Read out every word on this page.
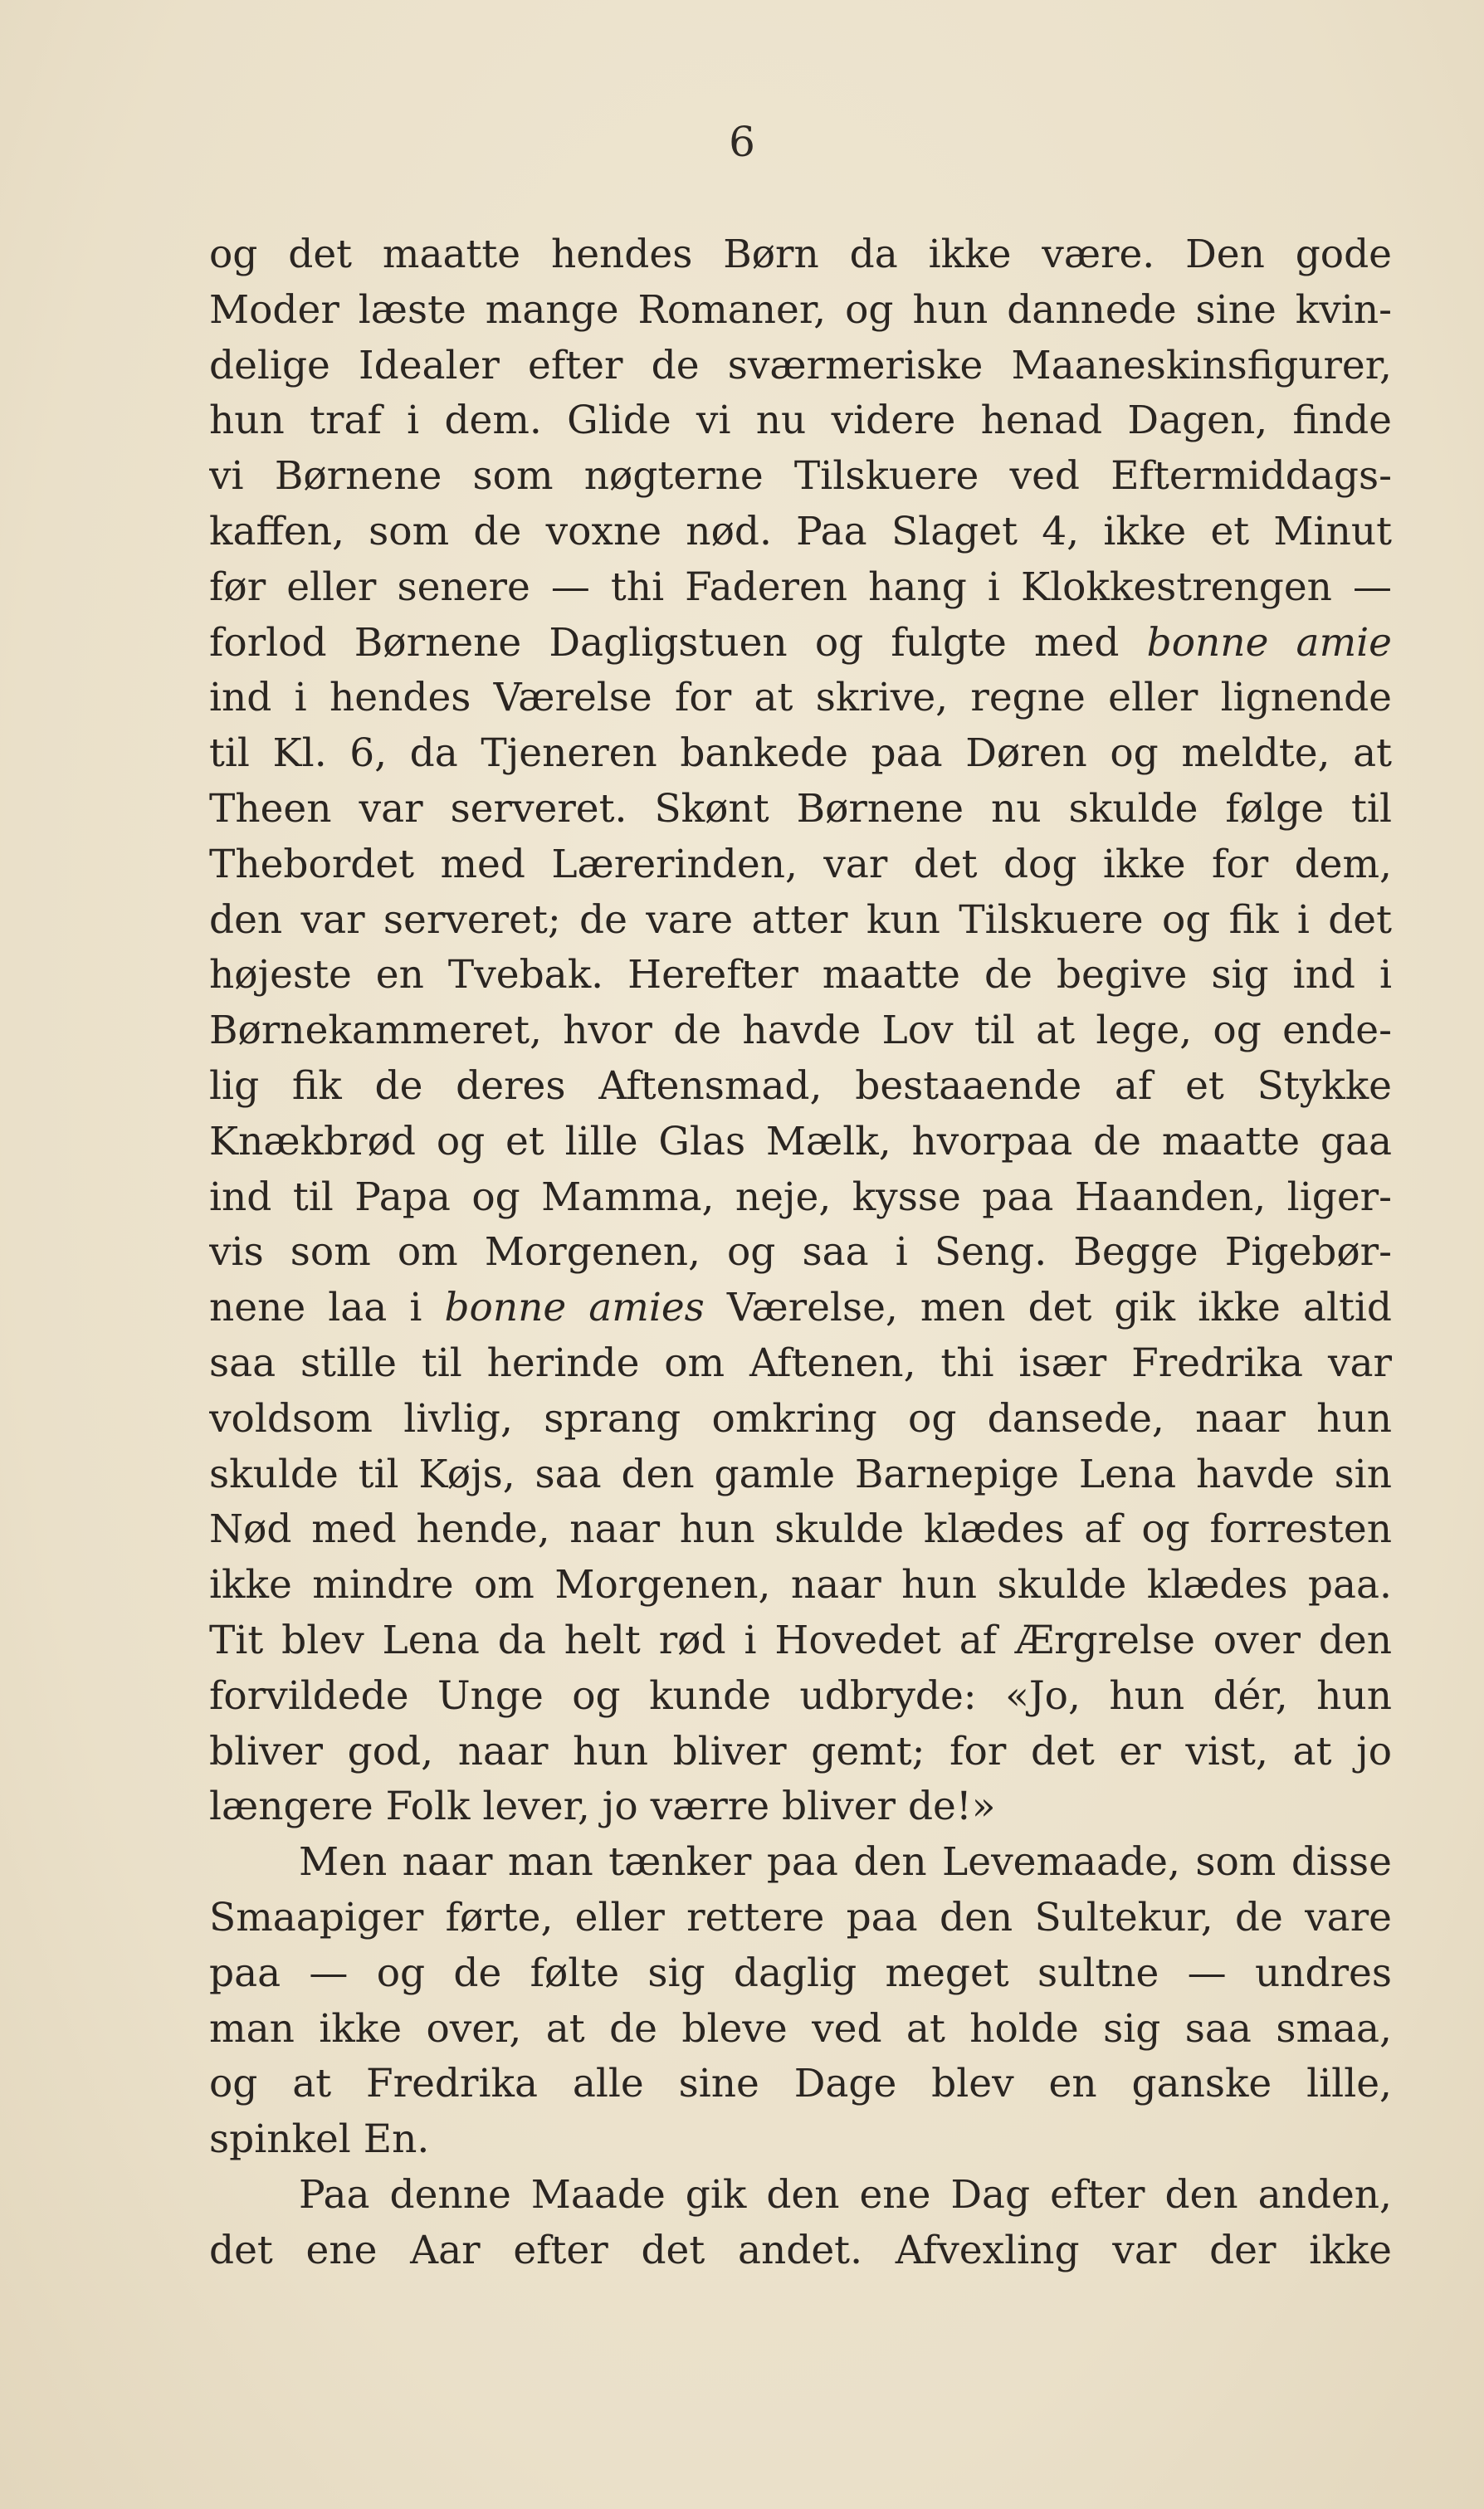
6
og det maatte hendes Børn da ikke være. Den gode
Moder læste mange Romaner, og hun dannede sine kvin-
delige Idealer efter de sværmeriske Maaneskinsfigurer,
hun traf i dem. Glide vi nu videre henad Dagen, finde
vi Børnene som nøgterne Tilskuere ved Eftermiddags-
kaffen, som de voxne nød. Paa Slaget 4, ikke et Minut
før eller senere — thi Faderen hang i Klokkestrengen —
forlod Børnene Dagligstuen og fulgte med bonne amie
ind i hendes Værelse for at skrive, regne eller lignende
til Kl. 6, da Tjeneren bankede paa Døren og meldte, at
Theen var serveret. Skønt Børnene nu skulde følge til
Thebordet med Lærerinden, var det dog ikke for dem,
den var serveret; de vare atter kun Tilskuere og fik i det
højeste en Tvebak. Herefter maatte de begive sig ind i
Børnekammeret, hvor de havde Lov til at lege, og ende-
lig fik de deres Aftensmad, bestaaende af et Stykke
Knækbrød og et lille Glas Mælk, hvorpaa de maatte gaa
ind til Papa og Mamma, neje, kysse paa Haanden, liger-
vis som om Morgenen, og saa i Seng. Begge Pigebør-
nene laa i bonne amies Værelse, men det gik ikke altid
saa stille til herinde om Aftenen, thi især Fredrika var
voldsom livlig, sprang omkring og dansede, naar hun
skulde til Køjs, saa den gamle Barnepige Lena havde sin
Nød med hende, naar hun skulde klædes af og forresten
ikke mindre om Morgenen, naar hun skulde klædes paa.
Tit blev Lena da helt rød i Hovedet af Ærgrelse over den
forvildede Unge og kunde udbryde: «Jo, hun dér, hun
bliver god, naar hun bliver gemt; for det er vist, at jo
længere Folk lever, jo værre bliver de!»
Men naar man tænker paa den Levemaade, som disse
Smaapiger førte, eller rettere paa den Sultekur, de vare
paa — og de følte sig daglig meget sultne — undres
man ikke over, at de bleve ved at holde sig saa smaa,
og at Fredrika alle sine Dage blev en ganske lille,
spinkel En.
Paa denne Maade gik den ene Dag efter den anden,
det ene Aar efter det andet. Afvexling var der ikke
